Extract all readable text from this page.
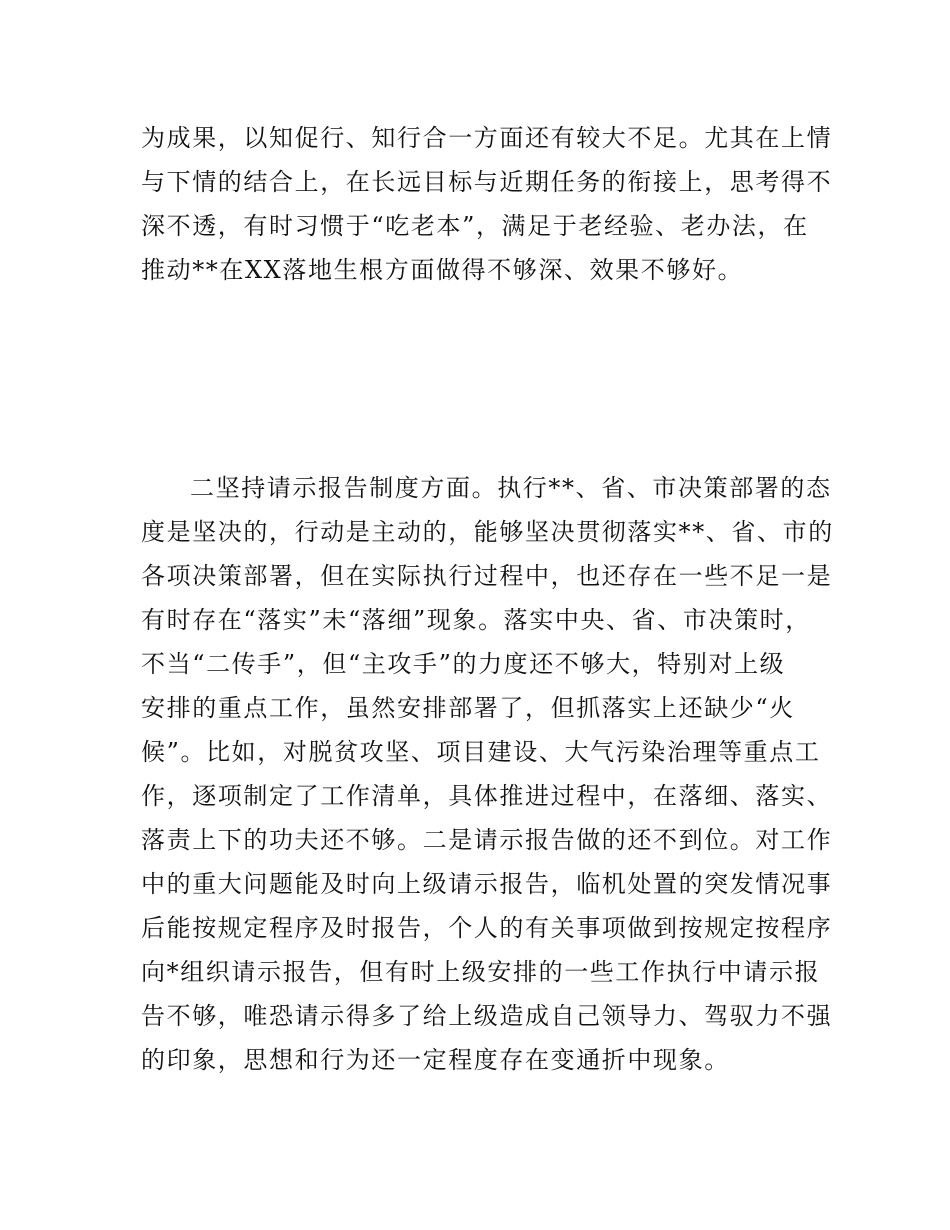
为成果，以知促行、知行合一方面还有较大不足。尤其在上情
与下情的结合上，在长远目标与近期任务的衔接上，思考得不
深不透，有时习惯于“吃老本”，满足于老经验、老办法，在
推动**在XX落地生根方面做得不够深、效果不够好。
二坚持请示报告制度方面。执行**、省、市决策部署的态
度是坚决的，行动是主动的，能够坚决贯彻落实**、省、市的
各项决策部署，但在实际执行过程中，也还存在一些不足一是
有时存在“落实”未“落细”现象。落实中央、省、市决策时，
不当“二传手”，但“主攻手”的力度还不够大，特别对上级
安排的重点工作，虽然安排部署了，但抓落实上还缺少“火
候”。比如，对脱贫攻坚、项目建设、大气污染治理等重点工
作，逐项制定了工作清单，具体推进过程中，在落细、落实、
落责上下的功夫还不够。二是请示报告做的还不到位。对工作
中的重大问题能及时向上级请示报告，临机处置的突发情况事
后能按规定程序及时报告，个人的有关事项做到按规定按程序
向*组织请示报告，但有时上级安排的一些工作执行中请示报
告不够，唯恐请示得多了给上级造成自己领导力、驾驭力不强
的印象，思想和行为还一定程度存在变通折中现象。
